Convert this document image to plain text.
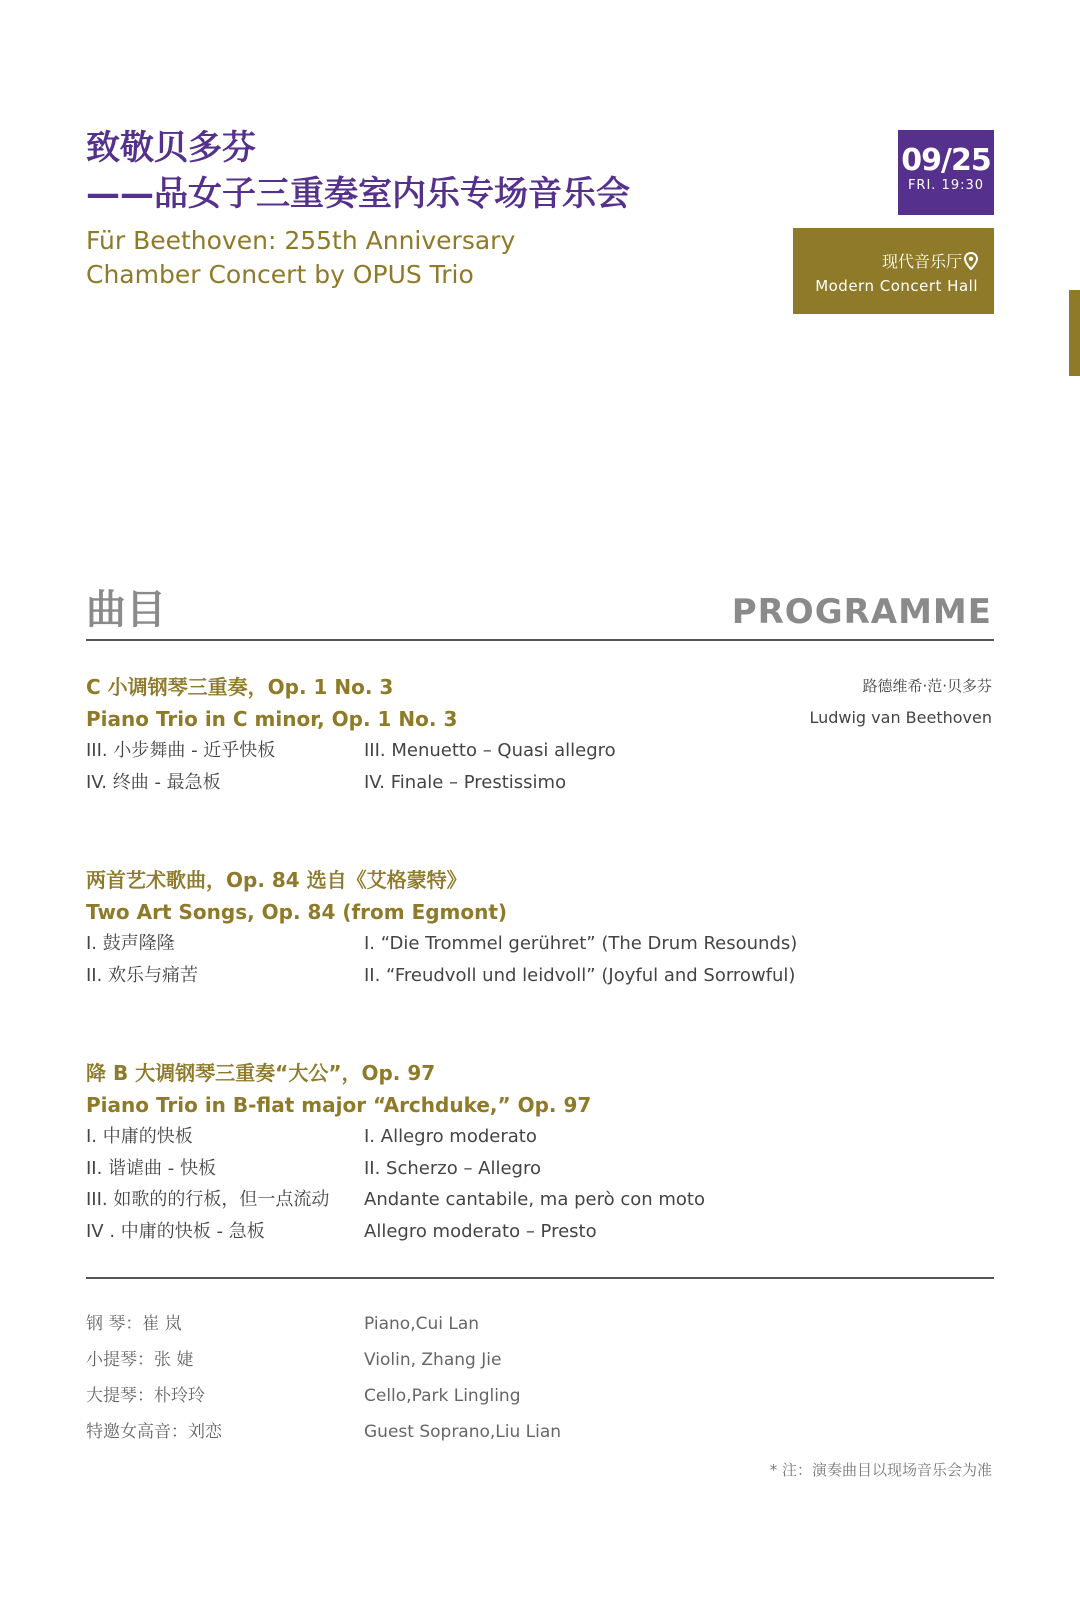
致敬贝多芬
——品女子三重奏室内乐专场音乐会
Für Beethoven: 255th Anniversary
Chamber Concert by OPUS Trio
09/25
FRI. 19:30
现代音乐厅
Modern Concert Hall
曲目	PROGRAMME
路德维希·范·贝多芬
Ludwig van Beethoven
C 小调钢琴三重奏，Op. 1 No. 3
Piano Trio in C minor, Op. 1 No. 3
III. 小步舞曲 - 近乎快板	III. Menuetto – Quasi allegro
IV. 终曲 - 最急板	IV. Finale – Prestissimo
两首艺术歌曲，Op. 84 选自《艾格蒙特》
Two Art Songs, Op. 84 (from Egmont)
I. 鼓声隆隆	I. “Die Trommel gerühret” (The Drum Resounds)
II. 欢乐与痛苦	II. “Freudvoll und leidvoll” (Joyful and Sorrowful)
降 B 大调钢琴三重奏“大公”，Op. 97
Piano Trio in B-flat major “Archduke,” Op. 97
I. 中庸的快板	I. Allegro moderato
II. 谐谑曲 - 快板	II. Scherzo – Allegro
III. 如歌的的行板，但一点流动 Andante cantabile, ma però con moto
IV . 中庸的快板 - 急板	Allegro moderato – Presto
钢 琴：崔 岚	Piano,Cui Lan
小提琴：张 婕	Violin, Zhang Jie
大提琴：朴玲玲	Cello,Park Lingling
特邀女高音：刘恋	Guest Soprano,Liu Lian
* 注：演奏曲目以现场音乐会为准
